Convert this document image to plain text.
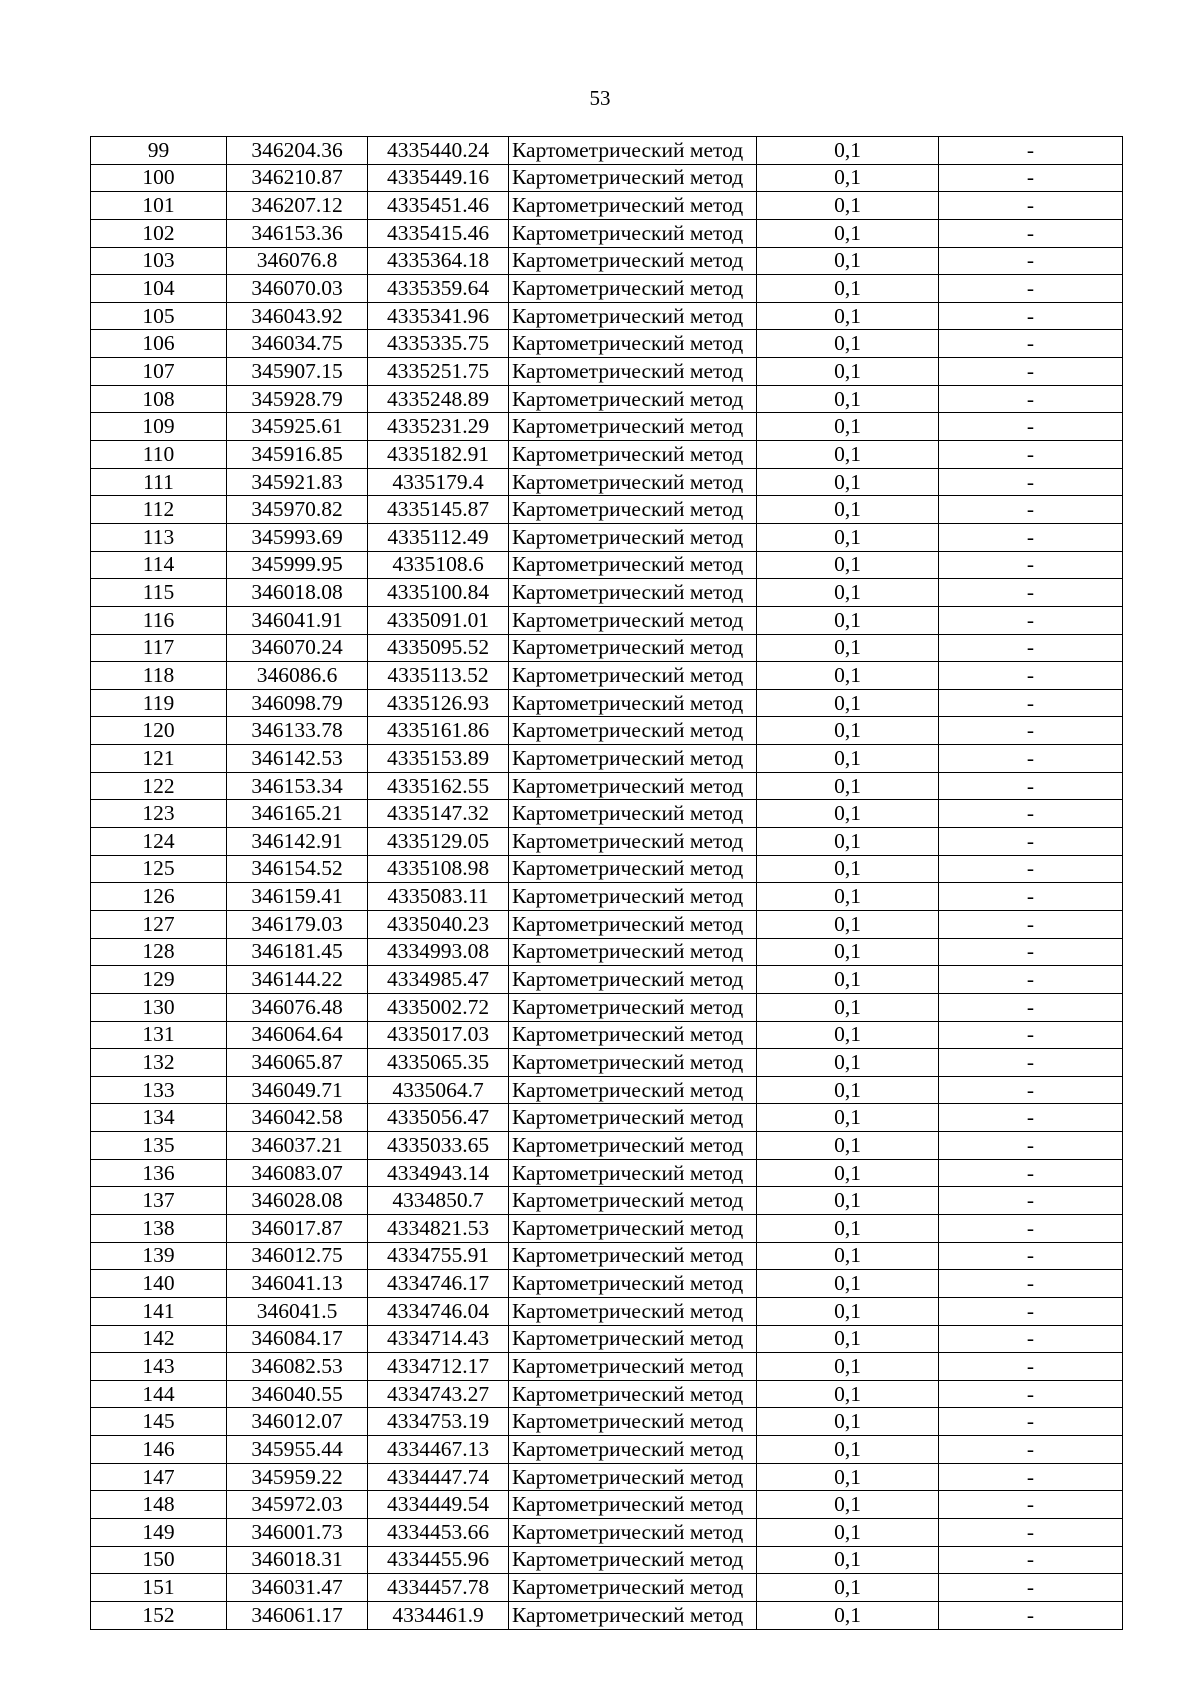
53
99	346204.36	4335440.24	Картометрический метод	0,1	-
100	346210.87	4335449.16	Картометрический метод	0,1	-
101	346207.12	4335451.46	Картометрический метод	0,1	-
102	346153.36	4335415.46	Картометрический метод	0,1	-
103	346076.8	4335364.18	Картометрический метод	0,1	-
104	346070.03	4335359.64	Картометрический метод	0,1	-
105	346043.92	4335341.96	Картометрический метод	0,1	-
106	346034.75	4335335.75	Картометрический метод	0,1	-
107	345907.15	4335251.75	Картометрический метод	0,1	-
108	345928.79	4335248.89	Картометрический метод	0,1	-
109	345925.61	4335231.29	Картометрический метод	0,1	-
110	345916.85	4335182.91	Картометрический метод	0,1	-
111	345921.83	4335179.4	Картометрический метод	0,1	-
112	345970.82	4335145.87	Картометрический метод	0,1	-
113	345993.69	4335112.49	Картометрический метод	0,1	-
114	345999.95	4335108.6	Картометрический метод	0,1	-
115	346018.08	4335100.84	Картометрический метод	0,1	-
116	346041.91	4335091.01	Картометрический метод	0,1	-
117	346070.24	4335095.52	Картометрический метод	0,1	-
118	346086.6	4335113.52	Картометрический метод	0,1	-
119	346098.79	4335126.93	Картометрический метод	0,1	-
120	346133.78	4335161.86	Картометрический метод	0,1	-
121	346142.53	4335153.89	Картометрический метод	0,1	-
122	346153.34	4335162.55	Картометрический метод	0,1	-
123	346165.21	4335147.32	Картометрический метод	0,1	-
124	346142.91	4335129.05	Картометрический метод	0,1	-
125	346154.52	4335108.98	Картометрический метод	0,1	-
126	346159.41	4335083.11	Картометрический метод	0,1	-
127	346179.03	4335040.23	Картометрический метод	0,1	-
128	346181.45	4334993.08	Картометрический метод	0,1	-
129	346144.22	4334985.47	Картометрический метод	0,1	-
130	346076.48	4335002.72	Картометрический метод	0,1	-
131	346064.64	4335017.03	Картометрический метод	0,1	-
132	346065.87	4335065.35	Картометрический метод	0,1	-
133	346049.71	4335064.7	Картометрический метод	0,1	-
134	346042.58	4335056.47	Картометрический метод	0,1	-
135	346037.21	4335033.65	Картометрический метод	0,1	-
136	346083.07	4334943.14	Картометрический метод	0,1	-
137	346028.08	4334850.7	Картометрический метод	0,1	-
138	346017.87	4334821.53	Картометрический метод	0,1	-
139	346012.75	4334755.91	Картометрический метод	0,1	-
140	346041.13	4334746.17	Картометрический метод	0,1	-
141	346041.5	4334746.04	Картометрический метод	0,1	-
142	346084.17	4334714.43	Картометрический метод	0,1	-
143	346082.53	4334712.17	Картометрический метод	0,1	-
144	346040.55	4334743.27	Картометрический метод	0,1	-
145	346012.07	4334753.19	Картометрический метод	0,1	-
146	345955.44	4334467.13	Картометрический метод	0,1	-
147	345959.22	4334447.74	Картометрический метод	0,1	-
148	345972.03	4334449.54	Картометрический метод	0,1	-
149	346001.73	4334453.66	Картометрический метод	0,1	-
150	346018.31	4334455.96	Картометрический метод	0,1	-
151	346031.47	4334457.78	Картометрический метод	0,1	-
152	346061.17	4334461.9	Картометрический метод	0,1	-
